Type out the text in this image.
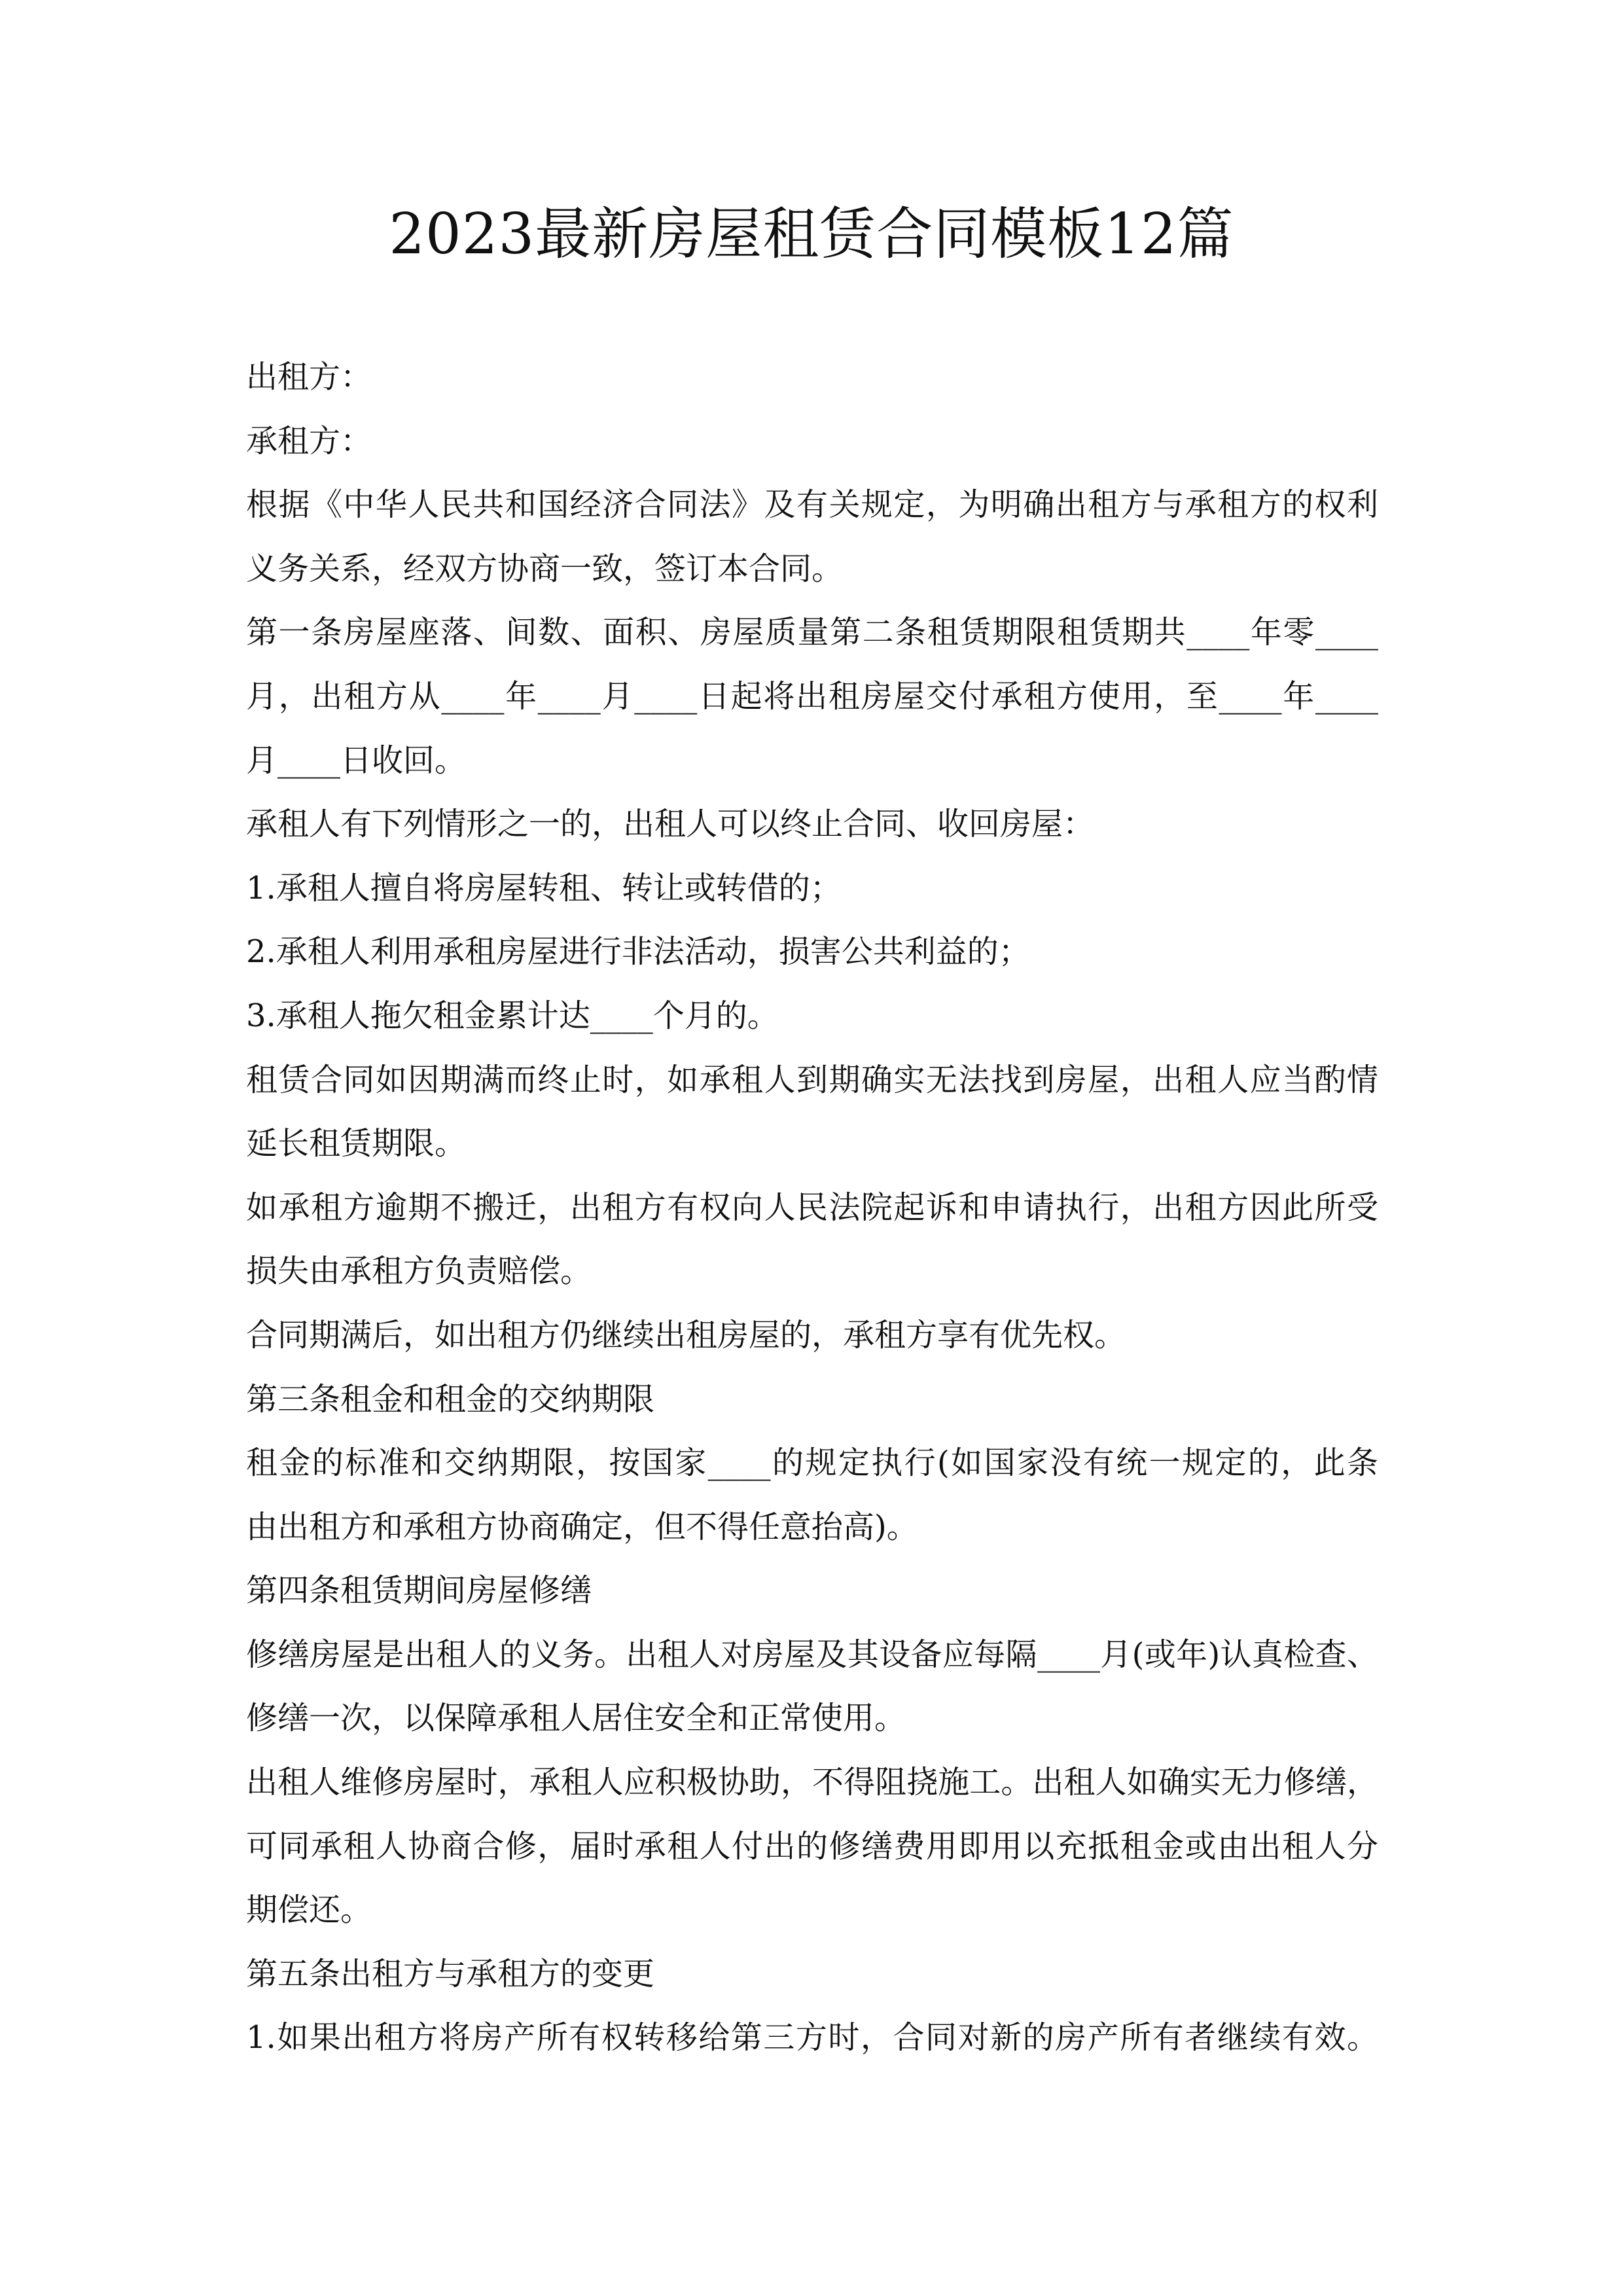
2023最新房屋租赁合同模板12篇
出租方：
承租方：
根据《中华人民共和国经济合同法》及有关规定，为明确出租方与承租方的权利
义务关系，经双方协商一致，签订本合同。
第一条房屋座落、间数、面积、房屋质量第二条租赁期限租赁期共____年零____
月，出租方从____年____月____日起将出租房屋交付承租方使用，至____年____
月____日收回。
承租人有下列情形之一的，出租人可以终止合同、收回房屋：
1.承租人擅自将房屋转租、转让或转借的；
2.承租人利用承租房屋进行非法活动，损害公共利益的；
3.承租人拖欠租金累计达____个月的。
租赁合同如因期满而终止时，如承租人到期确实无法找到房屋，出租人应当酌情
延长租赁期限。
如承租方逾期不搬迁，出租方有权向人民法院起诉和申请执行，出租方因此所受
损失由承租方负责赔偿。
合同期满后，如出租方仍继续出租房屋的，承租方享有优先权。
第三条租金和租金的交纳期限
租金的标准和交纳期限，按国家____的规定执行(如国家没有统一规定的，此条
由出租方和承租方协商确定，但不得任意抬高)。
第四条租赁期间房屋修缮
修缮房屋是出租人的义务。出租人对房屋及其设备应每隔____月(或年)认真检查、
修缮一次，以保障承租人居住安全和正常使用。
出租人维修房屋时，承租人应积极协助，不得阻挠施工。出租人如确实无力修缮，
可同承租人协商合修，届时承租人付出的修缮费用即用以充抵租金或由出租人分
期偿还。
第五条出租方与承租方的变更
1.如果出租方将房产所有权转移给第三方时，合同对新的房产所有者继续有效。
